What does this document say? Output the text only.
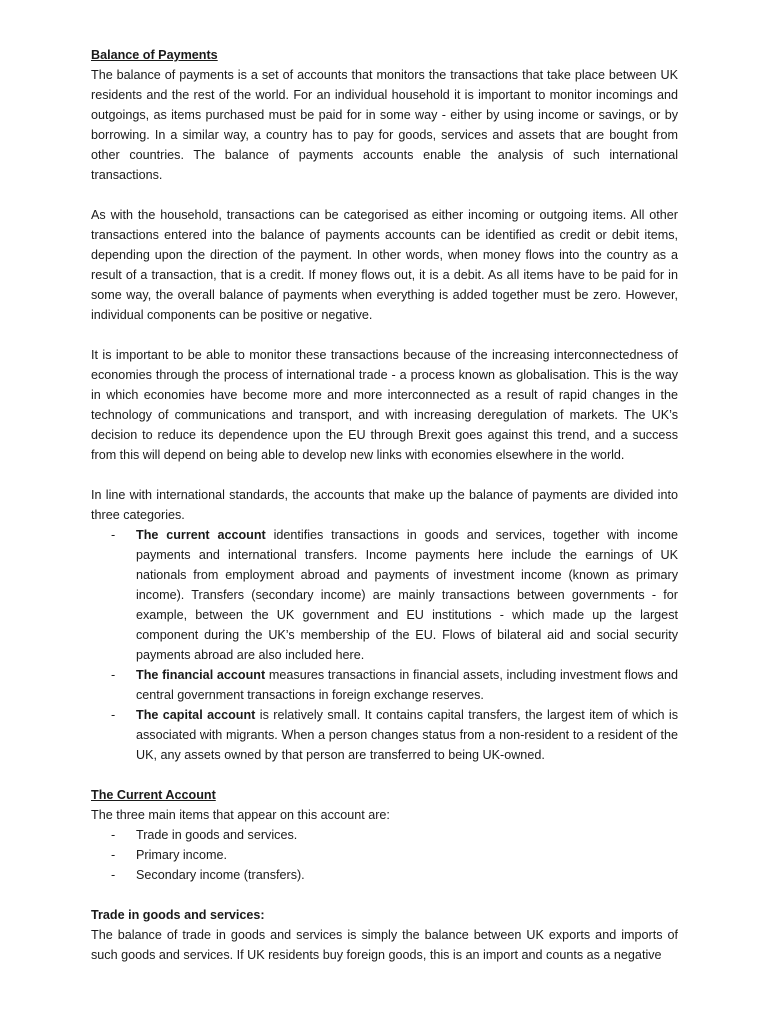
Balance of Payments

The balance of payments is a set of accounts that monitors the transactions that take place between UK residents and the rest of the world. For an individual household it is important to monitor incomings and outgoings, as items purchased must be paid for in some way - either by using income or savings, or by borrowing. In a similar way, a country has to pay for goods, services and assets that are bought from other countries. The balance of payments accounts enable the analysis of such international transactions.

As with the household, transactions can be categorised as either incoming or outgoing items. All other transactions entered into the balance of payments accounts can be identified as credit or debit items, depending upon the direction of the payment. In other words, when money flows into the country as a result of a transaction, that is a credit. If money flows out, it is a debit. As all items have to be paid for in some way, the overall balance of payments when everything is added together must be zero. However, individual components can be positive or negative.

It is important to be able to monitor these transactions because of the increasing interconnectedness of economies through the process of international trade - a process known as globalisation. This is the way in which economies have become more and more interconnected as a result of rapid changes in the technology of communications and transport, and with increasing deregulation of markets. The UK’s decision to reduce its dependence upon the EU through Brexit goes against this trend, and a success from this will depend on being able to develop new links with economies elsewhere in the world.

In line with international standards, the accounts that make up the balance of payments are divided into three categories.

- The current account identifies transactions in goods and services, together with income payments and international transfers. Income payments here include the earnings of UK nationals from employment abroad and payments of investment income (known as primary income). Transfers (secondary income) are mainly transactions between governments - for example, between the UK government and EU institutions - which made up the largest component during the UK’s membership of the EU. Flows of bilateral aid and social security payments abroad are also included here.
- The financial account measures transactions in financial assets, including investment flows and central government transactions in foreign exchange reserves.
- The capital account is relatively small. It contains capital transfers, the largest item of which is associated with migrants. When a person changes status from a non-resident to a resident of the UK, any assets owned by that person are transferred to being UK-owned.

The Current Account

The three main items that appear on this account are:

- Trade in goods and services.
- Primary income.
- Secondary income (transfers).

Trade in goods and services:

The balance of trade in goods and services is simply the balance between UK exports and imports of such goods and services. If UK residents buy foreign goods, this is an import and counts as a negative
